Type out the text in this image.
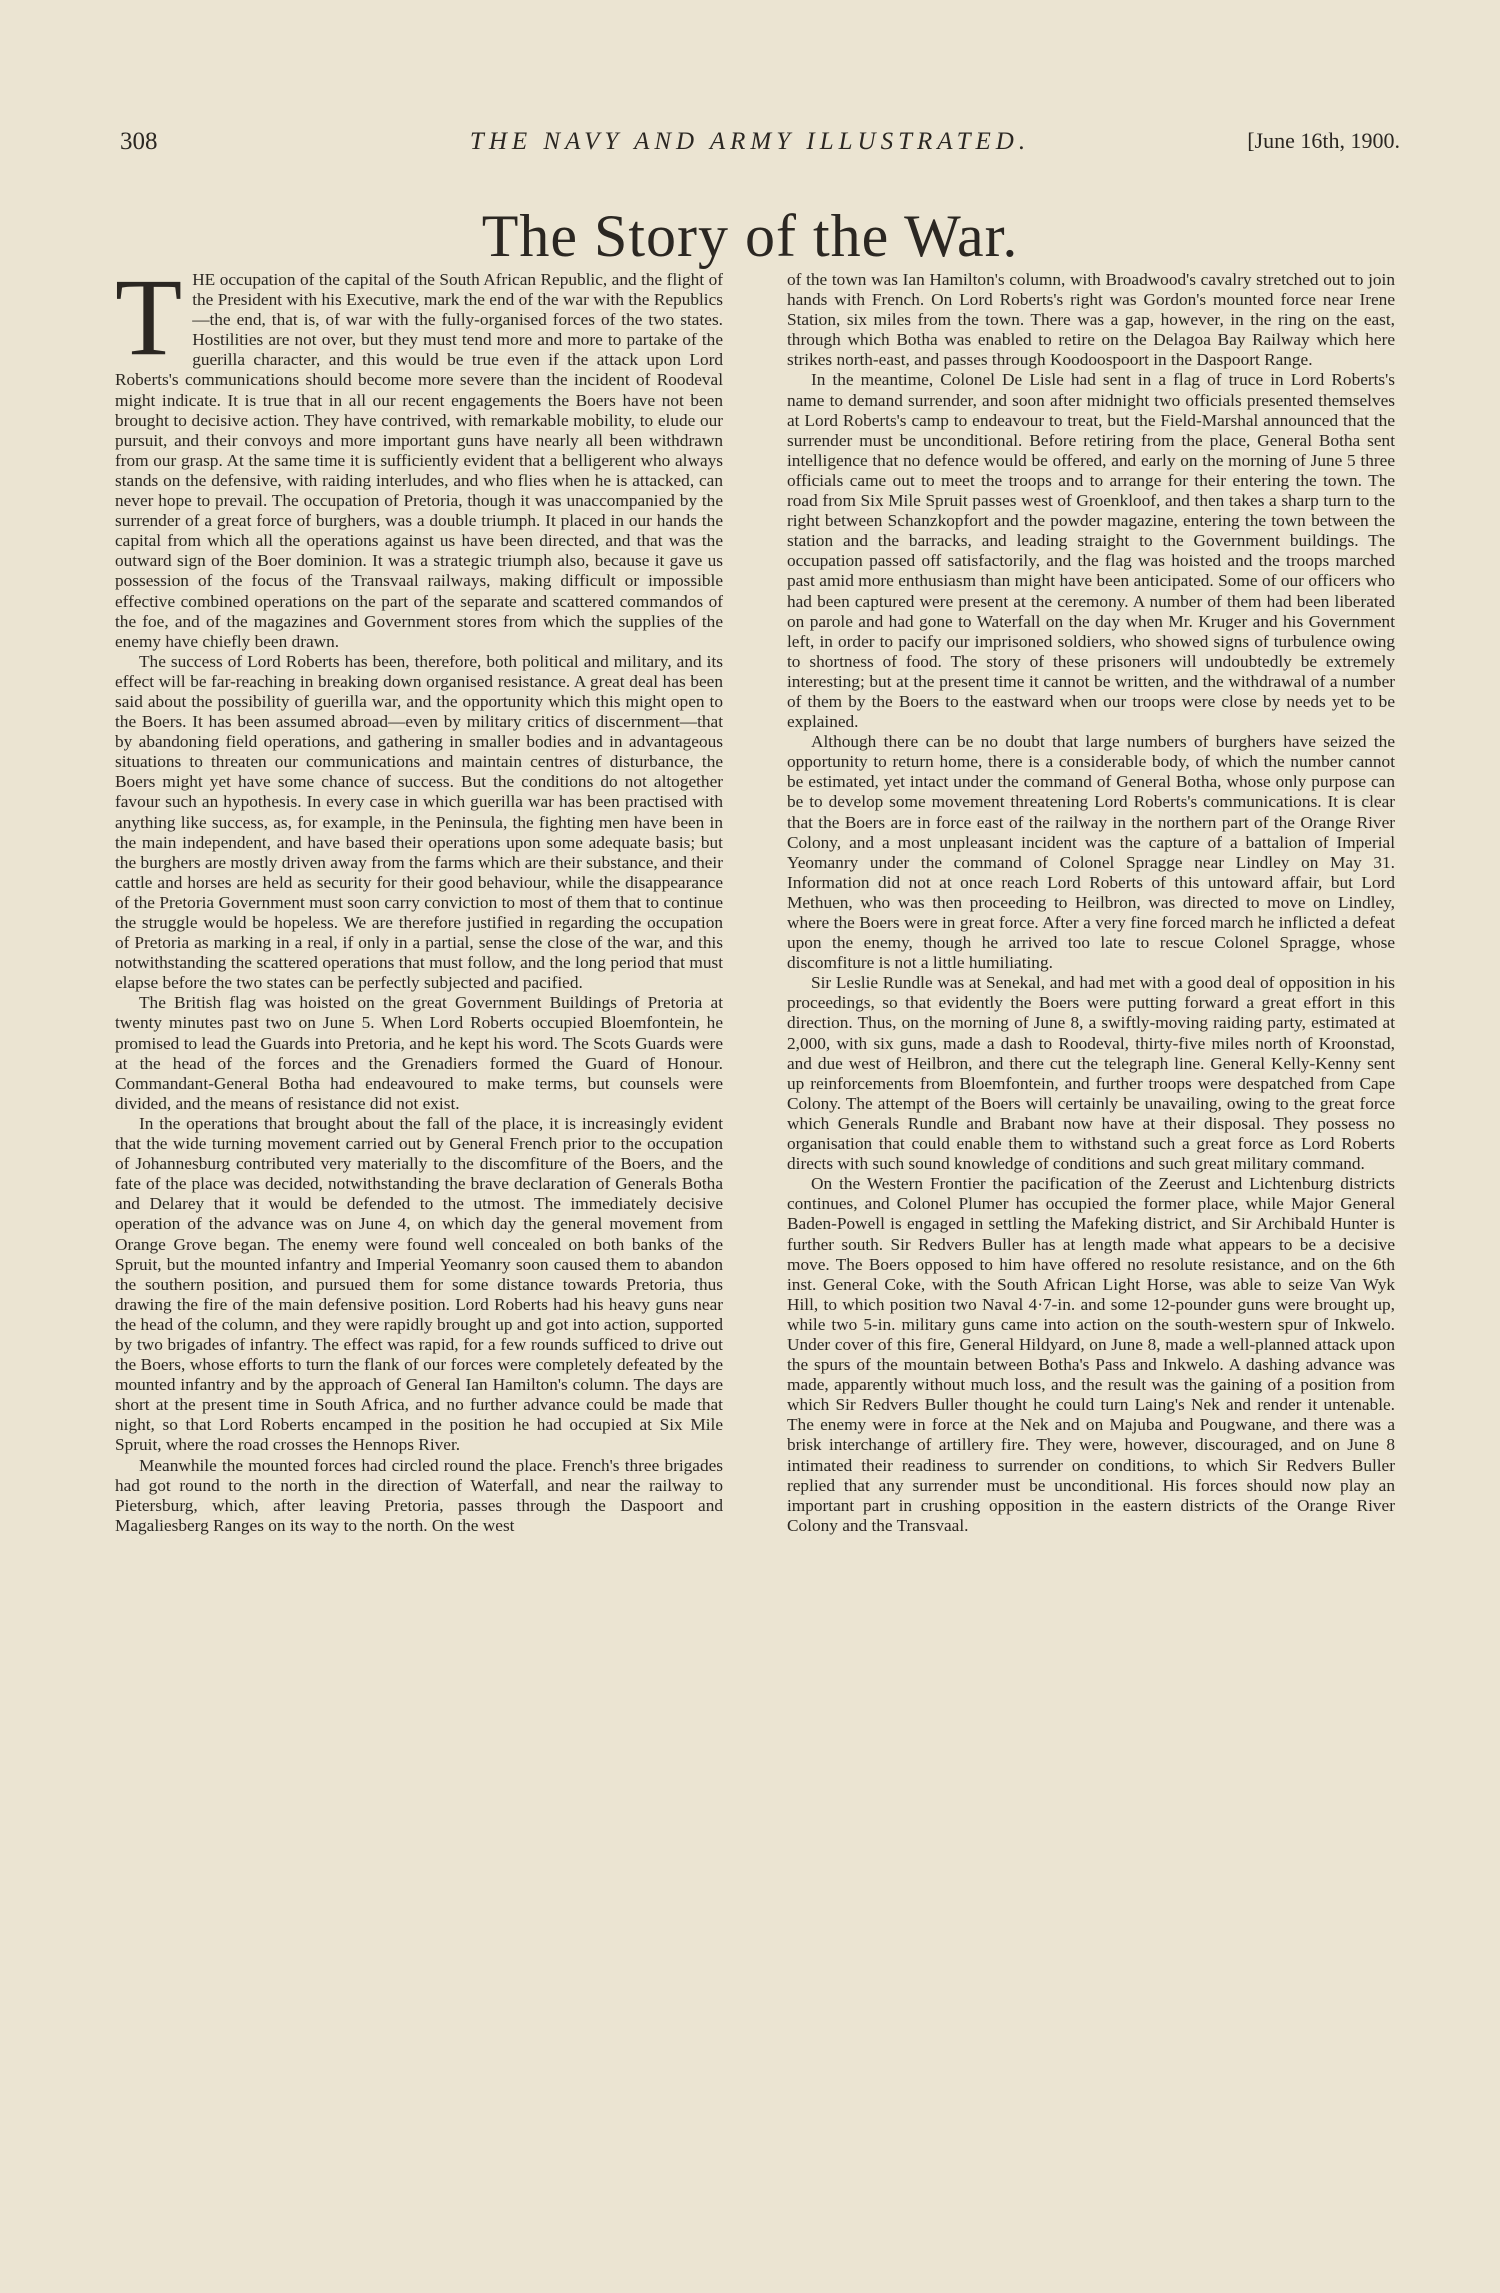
308	THE NAVY AND ARMY ILLUSTRATED.	[June 16th, 1900.
The Story of the War.

THE occupation of the capital of the South African Republic, and the flight of the President with his Executive, mark the end of the war with the Republics—the end, that is, of war with the fully-organised forces of the two states. Hostilities are not over, but they must tend more and more to partake of the guerilla character, and this would be true even if the attack upon Lord Roberts's communications should become more severe than the incident of Roodeval might indicate. It is true that in all our recent engagements the Boers have not been brought to decisive action. They have contrived, with remarkable mobility, to elude our pursuit, and their convoys and more important guns have nearly all been withdrawn from our grasp. At the same time it is sufficiently evident that a belligerent who always stands on the defensive, with raiding interludes, and who flies when he is attacked, can never hope to prevail. The occupation of Pretoria, though it was unaccompanied by the surrender of a great force of burghers, was a double triumph. It placed in our hands the capital from which all the operations against us have been directed, and that was the outward sign of the Boer dominion. It was a strategic triumph also, because it gave us possession of the focus of the Transvaal railways, making difficult or impossible effective combined operations on the part of the separate and scattered commandos of the foe, and of the magazines and Government stores from which the supplies of the enemy have chiefly been drawn.

The success of Lord Roberts has been, therefore, both political and military, and its effect will be far-reaching in breaking down organised resistance. A great deal has been said about the possibility of guerilla war, and the opportunity which this might open to the Boers. It has been assumed abroad—even by military critics of discernment—that by abandoning field operations, and gathering in smaller bodies and in advantageous situations to threaten our communications and maintain centres of disturbance, the Boers might yet have some chance of success. But the conditions do not altogether favour such an hypothesis. In every case in which guerilla war has been practised with anything like success, as, for example, in the Peninsula, the fighting men have been in the main independent, and have based their operations upon some adequate basis; but the burghers are mostly driven away from the farms which are their substance, and their cattle and horses are held as security for their good behaviour, while the disappearance of the Pretoria Government must soon carry conviction to most of them that to continue the struggle would be hopeless. We are therefore justified in regarding the occupation of Pretoria as marking in a real, if only in a partial, sense the close of the war, and this notwithstanding the scattered operations that must follow, and the long period that must elapse before the two states can be perfectly subjected and pacified.

The British flag was hoisted on the great Government Buildings of Pretoria at twenty minutes past two on June 5. When Lord Roberts occupied Bloemfontein, he promised to lead the Guards into Pretoria, and he kept his word. The Scots Guards were at the head of the forces and the Grenadiers formed the Guard of Honour. Commandant-General Botha had endeavoured to make terms, but counsels were divided, and the means of resistance did not exist.

In the operations that brought about the fall of the place, it is increasingly evident that the wide turning movement carried out by General French prior to the occupation of Johannesburg contributed very materially to the discomfiture of the Boers, and the fate of the place was decided, notwithstanding the brave declaration of Generals Botha and Delarey that it would be defended to the utmost. The immediately decisive operation of the advance was on June 4, on which day the general movement from Orange Grove began. The enemy were found well concealed on both banks of the Spruit, but the mounted infantry and Imperial Yeomanry soon caused them to abandon the southern position, and pursued them for some distance towards Pretoria, thus drawing the fire of the main defensive position. Lord Roberts had his heavy guns near the head of the column, and they were rapidly brought up and got into action, supported by two brigades of infantry. The effect was rapid, for a few rounds sufficed to drive out the Boers, whose efforts to turn the flank of our forces were completely defeated by the mounted infantry and by the approach of General Ian Hamilton's column. The days are short at the present time in South Africa, and no further advance could be made that night, so that Lord Roberts encamped in the position he had occupied at Six Mile Spruit, where the road crosses the Hennops River.

Meanwhile the mounted forces had circled round the place. French's three brigades had got round to the north in the direction of Waterfall, and near the railway to Pietersburg, which, after leaving Pretoria, passes through the Daspoort and Magaliesberg Ranges on its way to the north. On the west

of the town was Ian Hamilton's column, with Broadwood's cavalry stretched out to join hands with French. On Lord Roberts's right was Gordon's mounted force near Irene Station, six miles from the town. There was a gap, however, in the ring on the east, through which Botha was enabled to retire on the Delagoa Bay Railway which here strikes north-east, and passes through Koodoospoort in the Daspoort Range.

In the meantime, Colonel De Lisle had sent in a flag of truce in Lord Roberts's name to demand surrender, and soon after midnight two officials presented themselves at Lord Roberts's camp to endeavour to treat, but the Field-Marshal announced that the surrender must be unconditional. Before retiring from the place, General Botha sent intelligence that no defence would be offered, and early on the morning of June 5 three officials came out to meet the troops and to arrange for their entering the town. The road from Six Mile Spruit passes west of Groenkloof, and then takes a sharp turn to the right between Schanzkopfort and the powder magazine, entering the town between the station and the barracks, and leading straight to the Government buildings. The occupation passed off satisfactorily, and the flag was hoisted and the troops marched past amid more enthusiasm than might have been anticipated. Some of our officers who had been captured were present at the ceremony. A number of them had been liberated on parole and had gone to Waterfall on the day when Mr. Kruger and his Government left, in order to pacify our imprisoned soldiers, who showed signs of turbulence owing to shortness of food. The story of these prisoners will undoubtedly be extremely interesting; but at the present time it cannot be written, and the withdrawal of a number of them by the Boers to the eastward when our troops were close by needs yet to be explained.

Although there can be no doubt that large numbers of burghers have seized the opportunity to return home, there is a considerable body, of which the number cannot be estimated, yet intact under the command of General Botha, whose only purpose can be to develop some movement threatening Lord Roberts's communications. It is clear that the Boers are in force east of the railway in the northern part of the Orange River Colony, and a most unpleasant incident was the capture of a battalion of Imperial Yeomanry under the command of Colonel Spragge near Lindley on May 31. Information did not at once reach Lord Roberts of this untoward affair, but Lord Methuen, who was then proceeding to Heilbron, was directed to move on Lindley, where the Boers were in great force. After a very fine forced march he inflicted a defeat upon the enemy, though he arrived too late to rescue Colonel Spragge, whose discomfiture is not a little humiliating.

Sir Leslie Rundle was at Senekal, and had met with a good deal of opposition in his proceedings, so that evidently the Boers were putting forward a great effort in this direction. Thus, on the morning of June 8, a swiftly-moving raiding party, estimated at 2,000, with six guns, made a dash to Roodeval, thirty-five miles north of Kroonstad, and due west of Heilbron, and there cut the telegraph line. General Kelly-Kenny sent up reinforcements from Bloemfontein, and further troops were despatched from Cape Colony. The attempt of the Boers will certainly be unavailing, owing to the great force which Generals Rundle and Brabant now have at their disposal. They possess no organisation that could enable them to withstand such a great force as Lord Roberts directs with such sound knowledge of conditions and such great military command.

On the Western Frontier the pacification of the Zeerust and Lichtenburg districts continues, and Colonel Plumer has occupied the former place, while Major General Baden-Powell is engaged in settling the Mafeking district, and Sir Archibald Hunter is further south. Sir Redvers Buller has at length made what appears to be a decisive move. The Boers opposed to him have offered no resolute resistance, and on the 6th inst. General Coke, with the South African Light Horse, was able to seize Van Wyk Hill, to which position two Naval 4·7-in. and some 12-pounder guns were brought up, while two 5-in. military guns came into action on the south-western spur of Inkwelo. Under cover of this fire, General Hildyard, on June 8, made a well-planned attack upon the spurs of the mountain between Botha's Pass and Inkwelo. A dashing advance was made, apparently without much loss, and the result was the gaining of a position from which Sir Redvers Buller thought he could turn Laing's Nek and render it untenable. The enemy were in force at the Nek and on Majuba and Pougwane, and there was a brisk interchange of artillery fire. They were, however, discouraged, and on June 8 intimated their readiness to surrender on conditions, to which Sir Redvers Buller replied that any surrender must be unconditional. His forces should now play an important part in crushing opposition in the eastern districts of the Orange River Colony and the Transvaal.
